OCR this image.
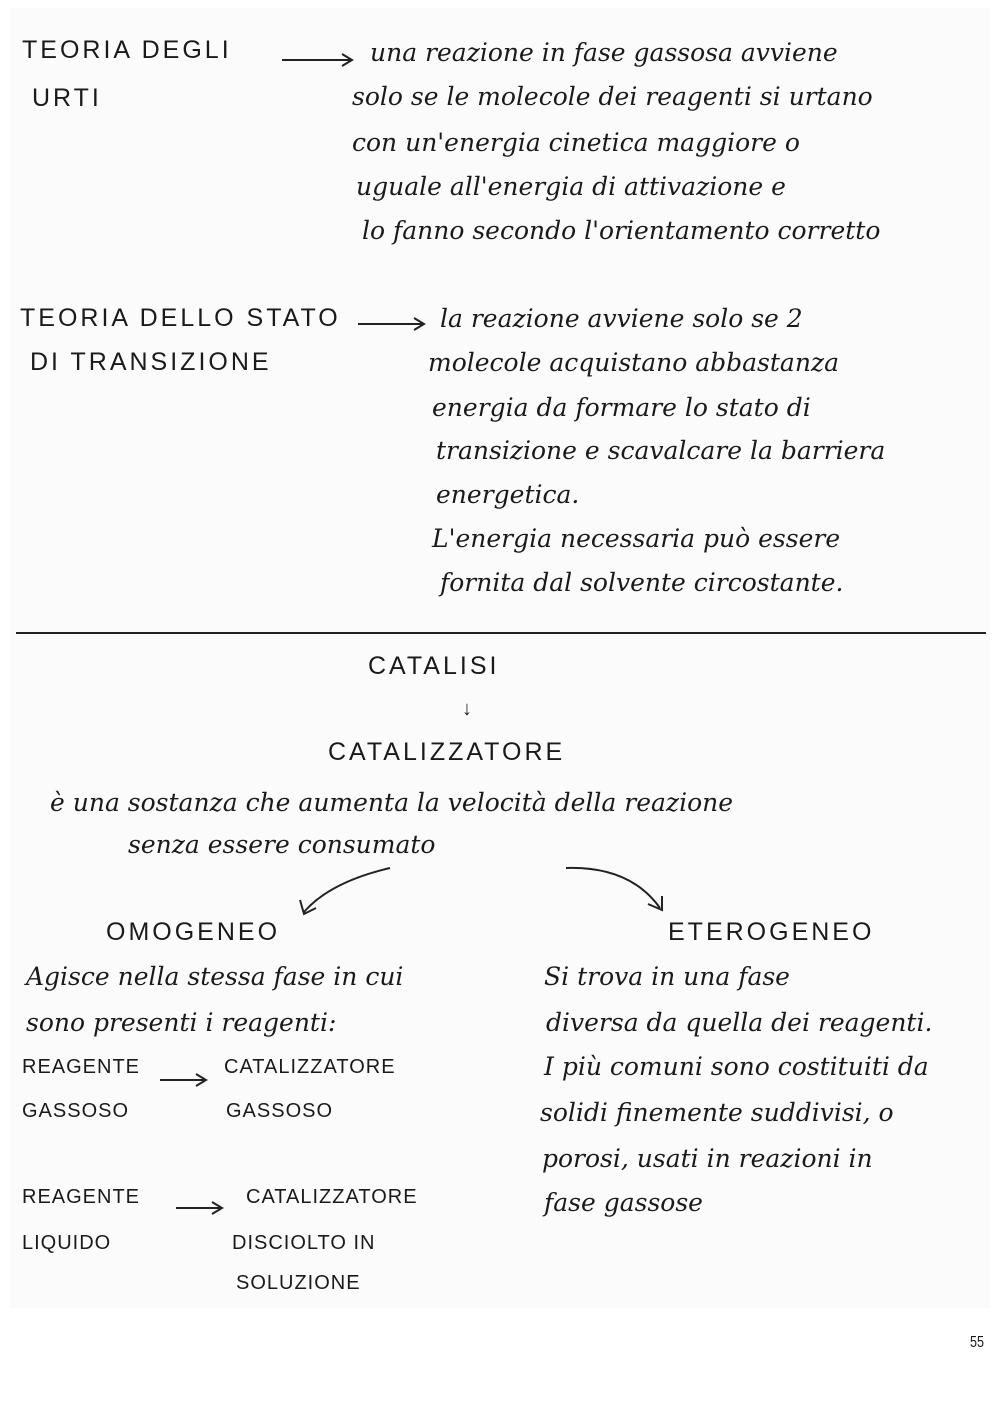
TEORIA DEGLI
URTI
una reazione in fase gassosa avviene
solo se le molecole dei reagenti si urtano
con un'energia cinetica maggiore o
uguale all'energia di attivazione e
lo fanno secondo l'orientamento corretto
TEORIA DELLO STATO
DI TRANSIZIONE
la reazione avviene solo se 2
molecole acquistano abbastanza
energia da formare lo stato di
transizione e scavalcare la barriera
energetica.
L'energia necessaria può essere
fornita dal solvente circostante.
CATALISI
↓
CATALIZZATORE
è una sostanza che aumenta la velocità della reazione
senza essere consumato
OMOGENEO
Agisce nella stessa fase in cui
sono presenti i reagenti:
REAGENTE
GASSOSO
CATALIZZATORE
GASSOSO
REAGENTE
LIQUIDO
CATALIZZATORE
DISCIOLTO IN
SOLUZIONE
ETEROGENEO
Si trova in una fase
diversa da quella dei reagenti.
I più comuni sono costituiti da
solidi finemente suddivisi, o
porosi, usati in reazioni in
fase gassose
55
